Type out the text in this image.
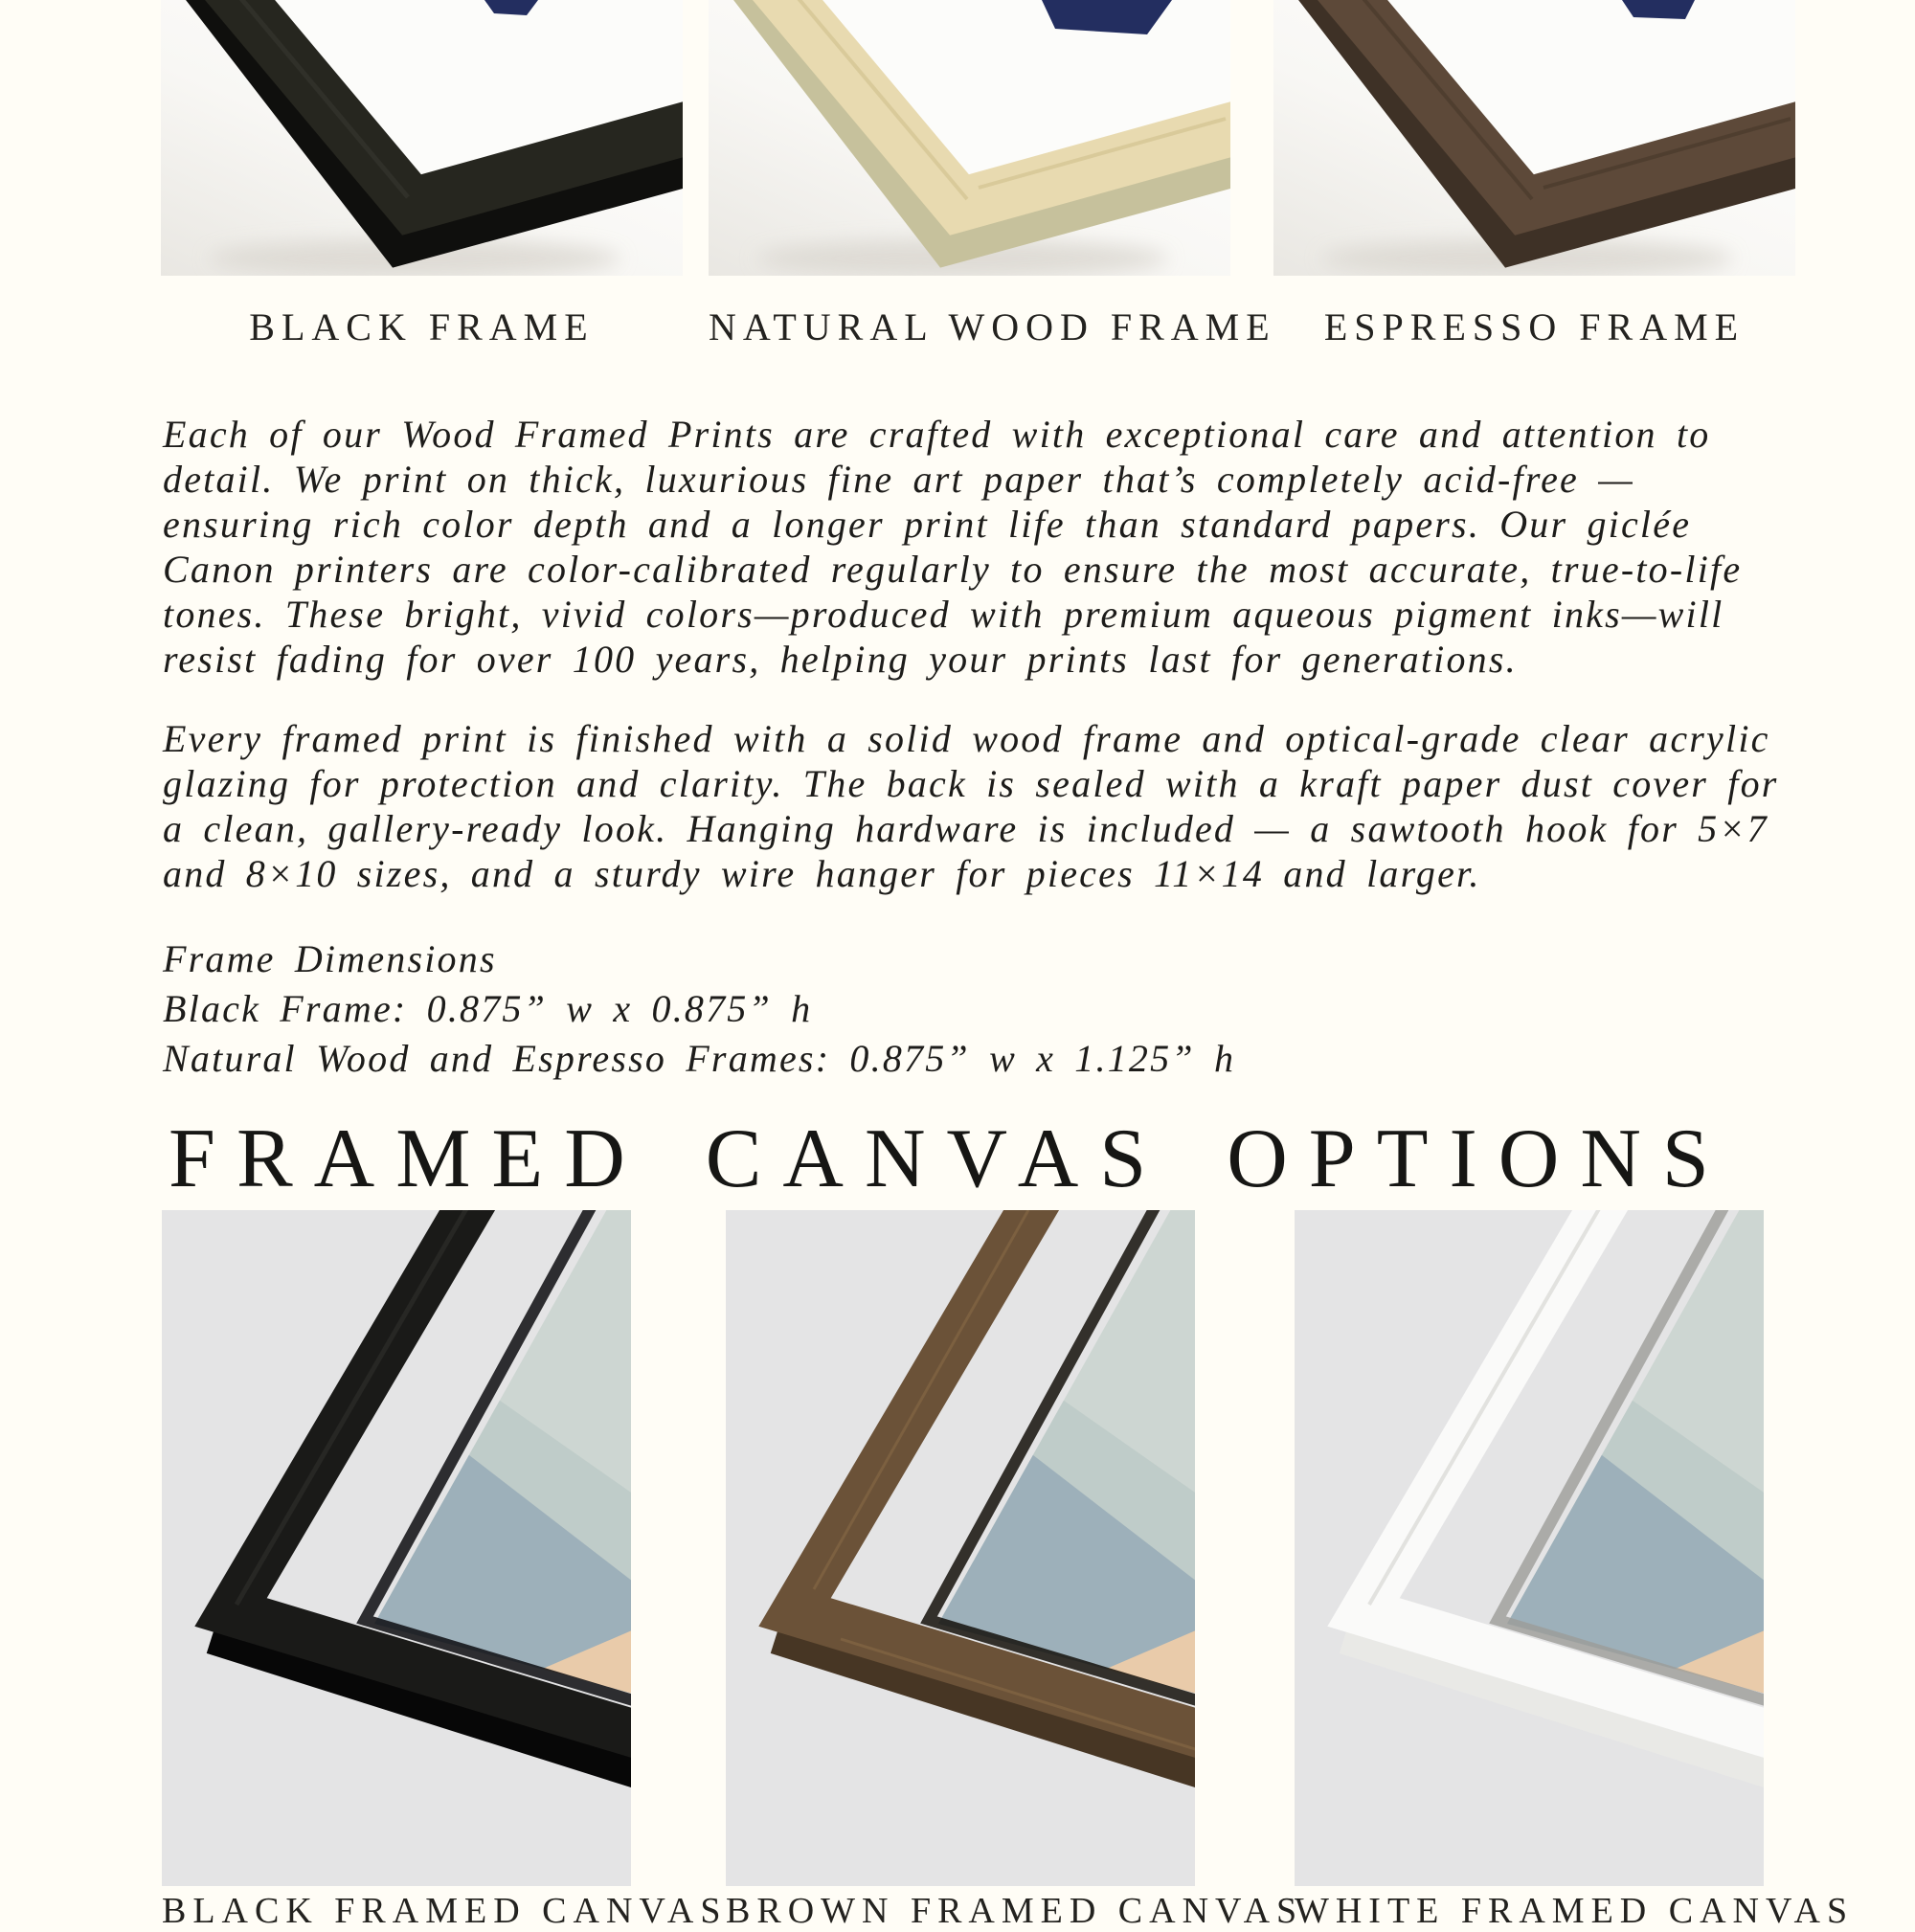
BLACK FRAME	NATURAL WOOD FRAME	ESPRESSO FRAME
Each of our Wood Framed Prints are crafted with exceptional care and attention to
detail. We print on thick, luxurious fine art paper that’s completely acid-free —
ensuring rich color depth and a longer print life than standard papers. Our giclée
Canon printers are color-calibrated regularly to ensure the most accurate, true-to-life
tones. These bright, vivid colors—produced with premium aqueous pigment inks—will
resist fading for over 100 years, helping your prints last for generations.
Every framed print is finished with a solid wood frame and optical-grade clear acrylic
glazing for protection and clarity. The back is sealed with a kraft paper dust cover for
a clean, gallery-ready look. Hanging hardware is included — a sawtooth hook for 5×7
and 8×10 sizes, and a sturdy wire hanger for pieces 11×14 and larger.
Frame Dimensions
Black Frame: 0.875” w x 0.875” h
Natural Wood and Espresso Frames: 0.875” w x 1.125” h
FRAMED CANVAS OPTIONS
BLACK FRAMED CANVAS
BROWN FRAMED CANVAS
WHITE FRAMED CANVAS
